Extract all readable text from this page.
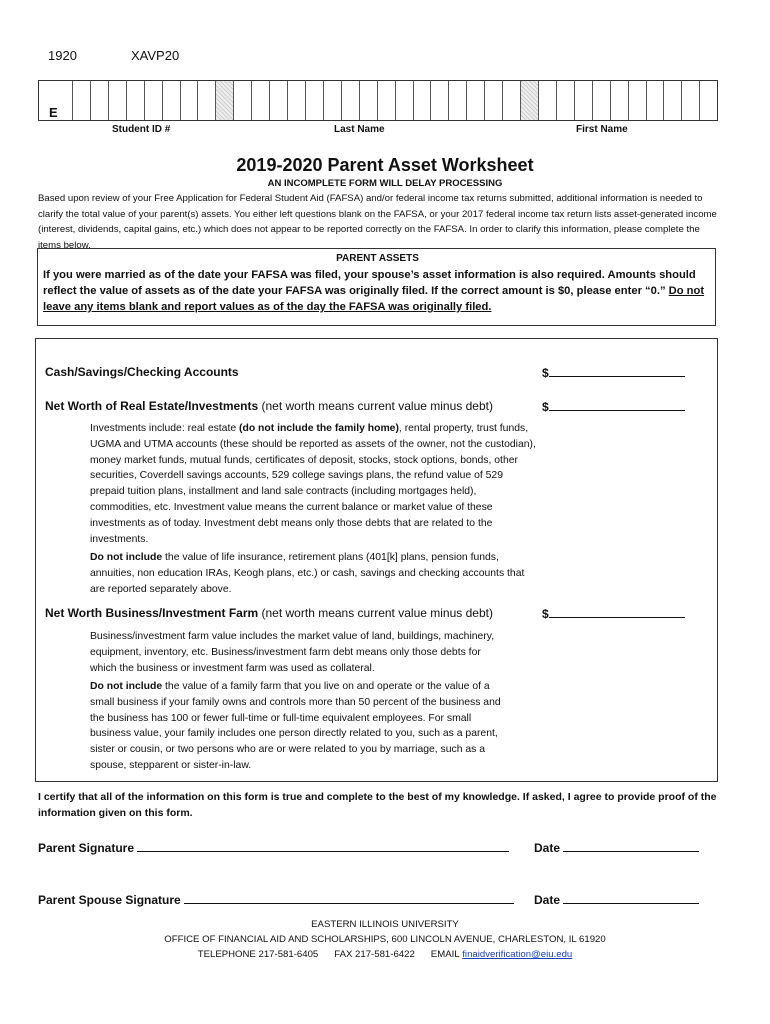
1920	XAVP20
E
Student ID #	Last Name	First Name
2019-2020 Parent Asset Worksheet
AN INCOMPLETE FORM WILL DELAY PROCESSING
Based upon review of your Free Application for Federal Student Aid (FAFSA) and/or federal income tax returns submitted, additional information is needed to clarify the total value of your parent(s) assets. You either left questions blank on the FAFSA, or your 2017 federal income tax return lists asset-generated income (interest, dividends, capital gains, etc.) which does not appear to be reported correctly on the FAFSA. In order to clarify this information, please complete the items below.
PARENT ASSETS
If you were married as of the date your FAFSA was filed, your spouse’s asset information is also required. Amounts should reflect the value of assets as of the date your FAFSA was originally filed. If the correct amount is $0, please enter “0.” Do not leave any items blank and report values as of the day the FAFSA was originally filed.
Cash/Savings/Checking Accounts	$
Net Worth of Real Estate/Investments (net worth means current value minus debt)	$
Investments include: real estate (do not include the family home), rental property, trust funds, UGMA and UTMA accounts (these should be reported as assets of the owner, not the custodian), money market funds, mutual funds, certificates of deposit, stocks, stock options, bonds, other securities, Coverdell savings accounts, 529 college savings plans, the refund value of 529 prepaid tuition plans, installment and land sale contracts (including mortgages held), commodities, etc. Investment value means the current balance or market value of these investments as of today. Investment debt means only those debts that are related to the investments.
Do not include the value of life insurance, retirement plans (401[k] plans, pension funds, annuities, non education IRAs, Keogh plans, etc.) or cash, savings and checking accounts that are reported separately above.
Net Worth Business/Investment Farm (net worth means current value minus debt)	$
Business/investment farm value includes the market value of land, buildings, machinery, equipment, inventory, etc. Business/investment farm debt means only those debts for which the business or investment farm was used as collateral.
Do not include the value of a family farm that you live on and operate or the value of a small business if your family owns and controls more than 50 percent of the business and the business has 100 or fewer full-time or full-time equivalent employees. For small business value, your family includes one person directly related to you, such as a parent, sister or cousin, or two persons who are or were related to you by marriage, such as a spouse, stepparent or sister-in-law.
I certify that all of the information on this form is true and complete to the best of my knowledge. If asked, I agree to provide proof of the information given on this form.
Parent Signature	Date
Parent Spouse Signature	Date
EASTERN ILLINOIS UNIVERSITY
OFFICE OF FINANCIAL AID AND SCHOLARSHIPS, 600 LINCOLN AVENUE, CHARLESTON, IL 61920
TELEPHONE 217-581-6405 FAX 217-581-6422 EMAIL finaidverification@eiu.edu
